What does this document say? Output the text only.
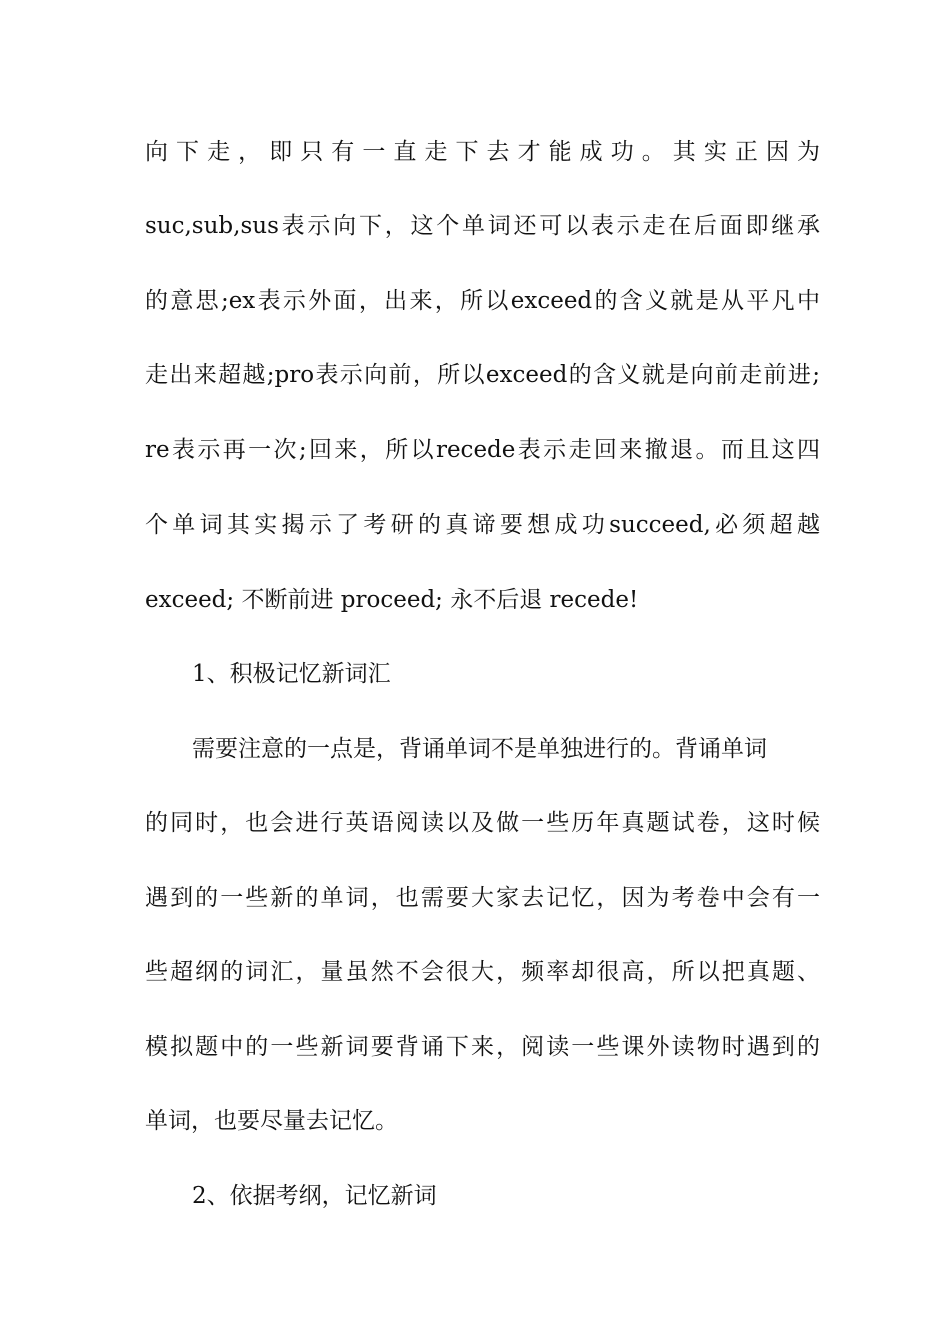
向下走，即只有一直走下去才能成功。其实正因为
suc,sub,sus表示向下，这个单词还可以表示走在后面即继承
的意思;ex表示外面，出来，所以exceed的含义就是从平凡中
走出来超越;pro表示向前，所以exceed的含义就是向前走前进;
re表示再一次;回来，所以recede表示走回来撤退。而且这四
个单词其实揭示了考研的真谛要想成功succeed,必须超越
exceed; 不断前进 proceed; 永不后退 recede!
1、积极记忆新词汇
需要注意的一点是，背诵单词不是单独进行的。背诵单词
的同时，也会进行英语阅读以及做一些历年真题试卷，这时候
遇到的一些新的单词，也需要大家去记忆，因为考卷中会有一
些超纲的词汇，量虽然不会很大，频率却很高，所以把真题、
模拟题中的一些新词要背诵下来，阅读一些课外读物时遇到的
单词，也要尽量去记忆。
2、依据考纲，记忆新词
